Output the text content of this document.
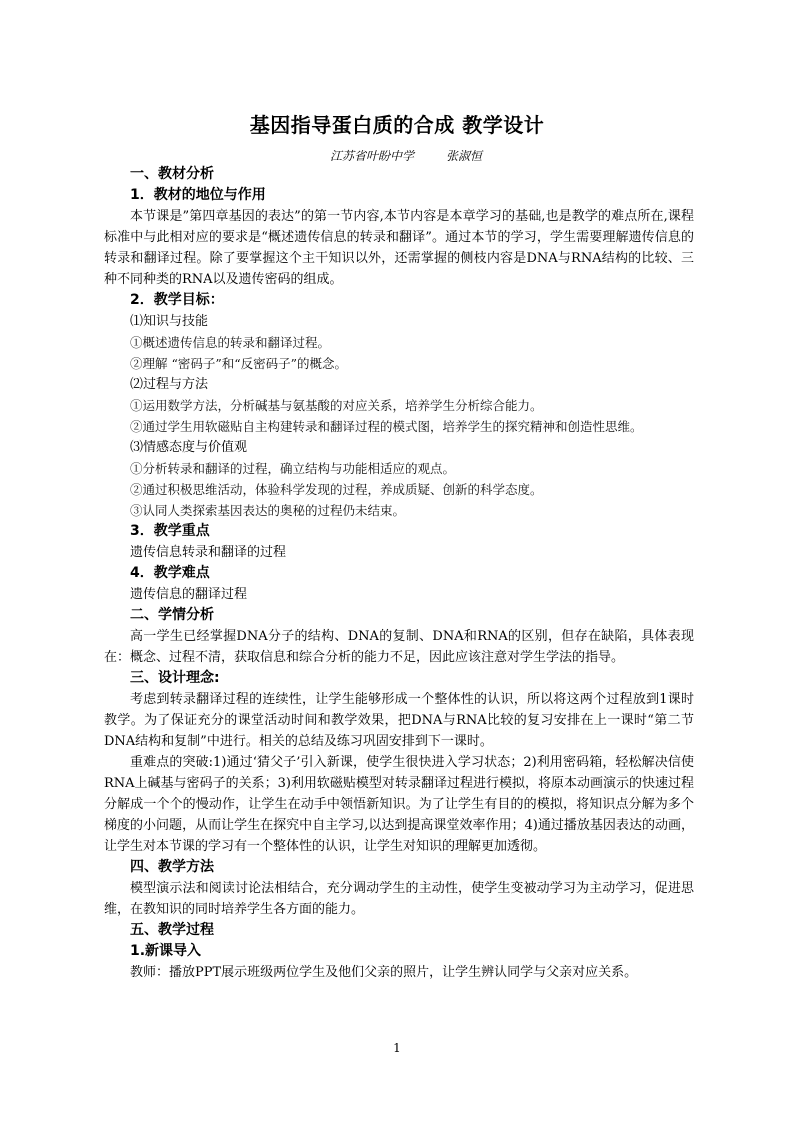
基因指导蛋白质的合成 教学设计
江苏省叶盼中学	张淑恒
一、教材分析
1．教材的地位与作用
本节课是”第四章基因的表达”的第一节内容,本节内容是本章学习的基础,也是教学的难点所在,课程标准中与此相对应的要求是“概述遗传信息的转录和翻译”。通过本节的学习，学生需要理解遗传信息的转录和翻译过程。除了要掌握这个主干知识以外，还需掌握的侧枝内容是DNA与RNA结构的比较、三种不同种类的RNA以及遗传密码的组成。
2．教学目标：
⑴知识与技能
①概述遗传信息的转录和翻译过程。
②理解 “密码子”和“反密码子”的概念。
⑵过程与方法
①运用数学方法，分析碱基与氨基酸的对应关系，培养学生分析综合能力。
②通过学生用软磁贴自主构建转录和翻译过程的模式图，培养学生的探究精神和创造性思维。
⑶情感态度与价值观
①分析转录和翻译的过程，确立结构与功能相适应的观点。
②通过积极思维活动，体验科学发现的过程，养成质疑、创新的科学态度。
③认同人类探索基因表达的奥秘的过程仍未结束。
3．教学重点
遗传信息转录和翻译的过程
4．教学难点
遗传信息的翻译过程
二、学情分析
高一学生已经掌握DNA分子的结构、DNA的复制、DNA和RNA的区别，但存在缺陷，具体表现在：概念、过程不清，获取信息和综合分析的能力不足，因此应该注意对学生学法的指导。
三、设计理念:
考虑到转录翻译过程的连续性，让学生能够形成一个整体性的认识，所以将这两个过程放到1课时教学。为了保证充分的课堂活动时间和教学效果，把DNA与RNA比较的复习安排在上一课时“第二节 DNA结构和复制”中进行。相关的总结及练习巩固安排到下一课时。
重难点的突破:1)通过‘猜父子’引入新课，使学生很快进入学习状态；2)利用密码箱，轻松解决信使RNA上碱基与密码子的关系；3)利用软磁贴模型对转录翻译过程进行模拟，将原本动画演示的快速过程分解成一个个的慢动作，让学生在动手中领悟新知识。为了让学生有目的的模拟，将知识点分解为多个梯度的小问题，从而让学生在探究中自主学习,以达到提高课堂效率作用；4)通过播放基因表达的动画，让学生对本节课的学习有一个整体性的认识，让学生对知识的理解更加透彻。
四、教学方法
模型演示法和阅读讨论法相结合，充分调动学生的主动性，使学生变被动学习为主动学习，促进思维，在教知识的同时培养学生各方面的能力。
五、教学过程
1.新课导入
教师：播放PPT展示班级两位学生及他们父亲的照片，让学生辨认同学与父亲对应关系。
1
